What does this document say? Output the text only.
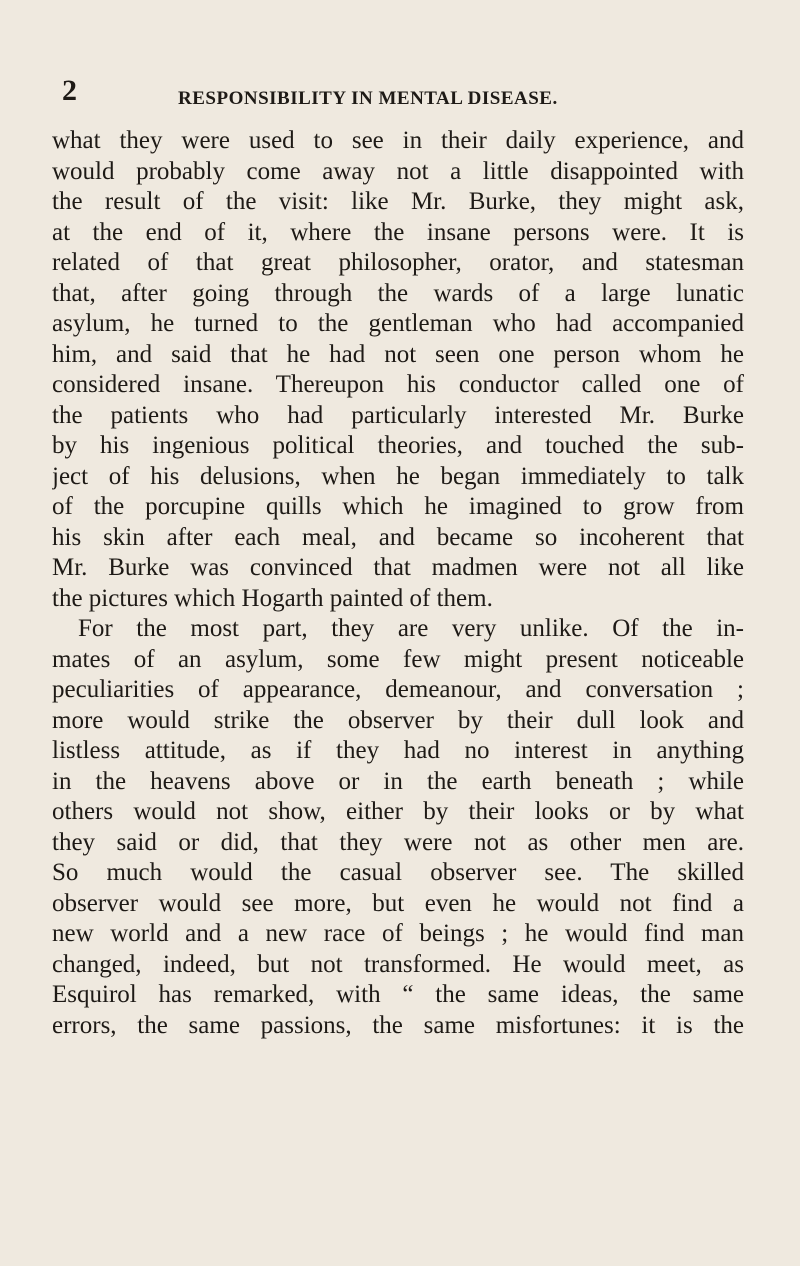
2	RESPONSIBILITY IN MENTAL DISEASE.
what they were used to see in their daily experience, and
would probably come away not a little disappointed with
the result of the visit: like Mr. Burke, they might ask,
at the end of it, where the insane persons were. It is
related of that great philosopher, orator, and statesman
that, after going through the wards of a large lunatic
asylum, he turned to the gentleman who had accompanied
him, and said that he had not seen one person whom he
considered insane. Thereupon his conductor called one of
the patients who had particularly interested Mr. Burke
by his ingenious political theories, and touched the sub-
ject of his delusions, when he began immediately to talk
of the porcupine quills which he imagined to grow from
his skin after each meal, and became so incoherent that
Mr. Burke was convinced that madmen were not all like
the pictures which Hogarth painted of them.
For the most part, they are very unlike. Of the in-
mates of an asylum, some few might present noticeable
peculiarities of appearance, demeanour, and conversation ;
more would strike the observer by their dull look and
listless attitude, as if they had no interest in anything
in the heavens above or in the earth beneath ; while
others would not show, either by their looks or by what
they said or did, that they were not as other men are.
So much would the casual observer see. The skilled
observer would see more, but even he would not find a
new world and a new race of beings ; he would find man
changed, indeed, but not transformed. He would meet, as
Esquirol has remarked, with “ the same ideas, the same
errors, the same passions, the same misfortunes: it is the
